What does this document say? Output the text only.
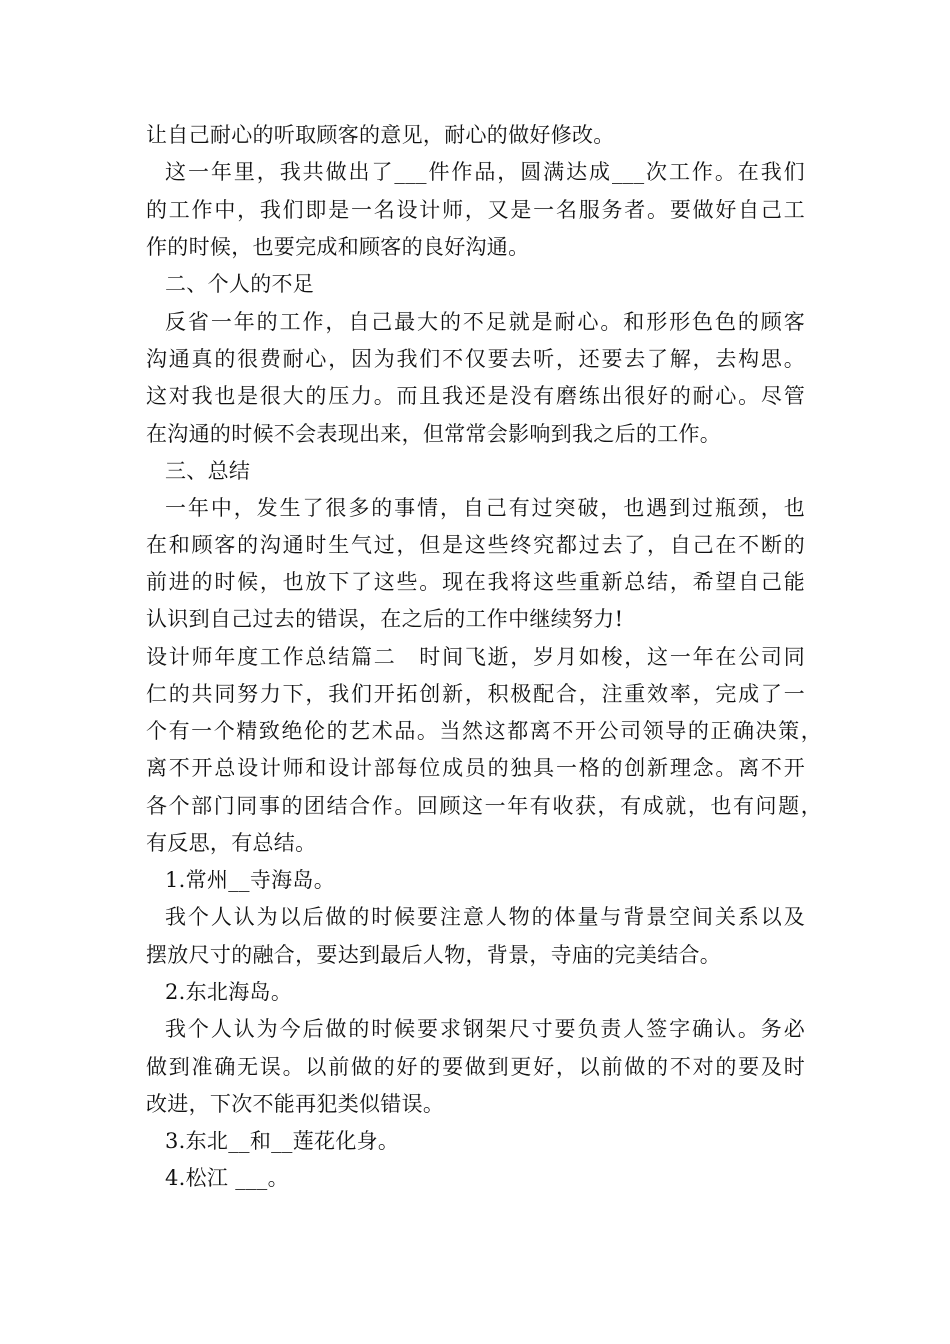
让自己耐心的听取顾客的意见，耐心的做好修改。
这一年里，我共做出了___件作品，圆满达成___次工作。在我们
的工作中，我们即是一名设计师，又是一名服务者。要做好自己工
作的时候，也要完成和顾客的良好沟通。
二、个人的不足
反省一年的工作，自己最大的不足就是耐心。和形形色色的顾客
沟通真的很费耐心，因为我们不仅要去听，还要去了解，去构思。
这对我也是很大的压力。而且我还是没有磨练出很好的耐心。尽管
在沟通的时候不会表现出来，但常常会影响到我之后的工作。
三、总结
一年中，发生了很多的事情，自己有过突破，也遇到过瓶颈，也
在和顾客的沟通时生气过，但是这些终究都过去了，自己在不断的
前进的时候，也放下了这些。现在我将这些重新总结，希望自己能
认识到自己过去的错误，在之后的工作中继续努力!
设计师年度工作总结篇二　时间飞逝，岁月如梭，这一年在公司同
仁的共同努力下，我们开拓创新，积极配合，注重效率，完成了一
个有一个精致绝伦的艺术品。当然这都离不开公司领导的正确决策，
离不开总设计师和设计部每位成员的独具一格的创新理念。离不开
各个部门同事的团结合作。回顾这一年有收获，有成就，也有问题，
有反思，有总结。
1.常州__寺海岛。
我个人认为以后做的时候要注意人物的体量与背景空间关系以及
摆放尺寸的融合，要达到最后人物，背景，寺庙的完美结合。
2.东北海岛。
我个人认为今后做的时候要求钢架尺寸要负责人签字确认。务必
做到准确无误。以前做的好的要做到更好，以前做的不对的要及时
改进，下次不能再犯类似错误。
3.东北__和__莲花化身。
4.松江 ___。
